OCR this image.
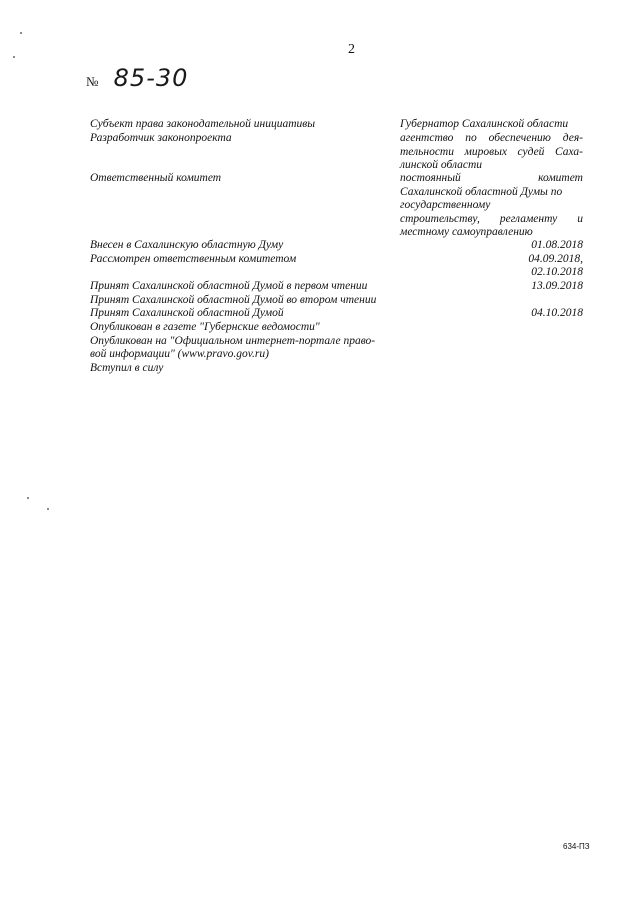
2
№ 85-30
Субъект права законодательной инициативы	Губернатор Сахалинской области
Разработчик законопроекта	агентство по обеспечению дея-
тельности мировых судей Саха-
линской области
Ответственный комитет	постоянный комитет
Сахалинской областной Думы по
государственному
строительству, регламенту и
местному самоуправлению
Внесен в Сахалинскую областную Думу	01.08.2018
Рассмотрен ответственным комитетом	04.09.2018,
02.10.2018
Принят Сахалинской областной Думой в первом чтении	13.09.2018
Принят Сахалинской областной Думой во втором чтении
Принят Сахалинской областной Думой	04.10.2018
Опубликован в газете "Губернские ведомости"
Опубликован на "Официальном интернет-портале право-
вой информации" (www.pravo.gov.ru)
Вступил в силу
634-ПЗ
